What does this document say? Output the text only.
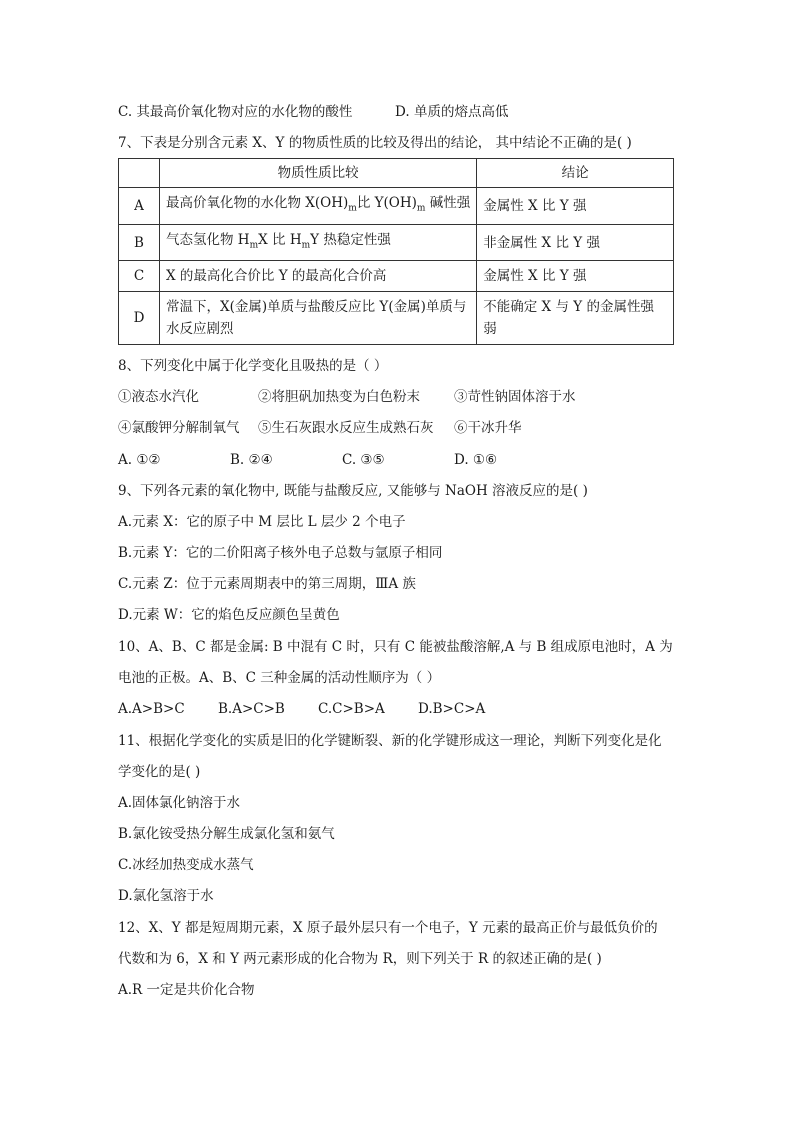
C. 其最高价氧化物对应的水化物的酸性	D. 单质的熔点高低
7、下表是分别含元素 X、Y 的物质性质的比较及得出的结论， 其中结论不正确的是( )
	物质性质比较	结论
A	最高价氧化物的水化物 $X(OH)_m$比 $Y(OH)_m$ 碱性强	金属性 X 比 Y 强
B	气态氢化物 $H_mX$ 比 $H_mY$ 热稳定性强	非金属性 X 比 Y 强
C	X 的最高化合价比 Y 的最高化合价高	金属性 X 比 Y 强
D	常温下，X(金属)单质与盐酸反应比 Y(金属)单质与水反应剧烈	不能确定 X 与 Y 的金属性强弱
8、下列变化中属于化学变化且吸热的是（ ）
①液态水汽化	②将胆矾加热变为白色粉末	③苛性钠固体溶于水
④氯酸钾分解制氧气 ⑤生石灰跟水反应生成熟石灰 ⑥干冰升华
A. ①②	B. ②④	C. ③⑤	D. ①⑥
9、下列各元素的氧化物中, 既能与盐酸反应, 又能够与 NaOH 溶液反应的是( )
A.元素 X：它的原子中 M 层比 L 层少 2 个电子
B.元素 Y：它的二价阳离子核外电子总数与氩原子相同
C.元素 Z：位于元素周期表中的第三周期，ⅢA 族
D.元素 W：它的焰色反应颜色呈黄色
10、A、B、C 都是金属: B 中混有 C 时，只有 C 能被盐酸溶解,A 与 B 组成原电池时，A 为
电池的正极。A、B、C 三种金属的活动性顺序为（ ）
A.A>B>C B.A>C>B C.C>B>A D.B>C>A
11、根据化学变化的实质是旧的化学键断裂、新的化学键形成这一理论，判断下列变化是化
学变化的是( )
A.固体氯化钠溶于水
B.氯化铵受热分解生成氯化氢和氨气
C.冰经加热变成水蒸气
D.氯化氢溶于水
12、X、Y 都是短周期元素，X 原子最外层只有一个电子，Y 元素的最高正价与最低负价的
代数和为 6，X 和 Y 两元素形成的化合物为 R，则下列关于 R 的叙述正确的是( )
A.R 一定是共价化合物
